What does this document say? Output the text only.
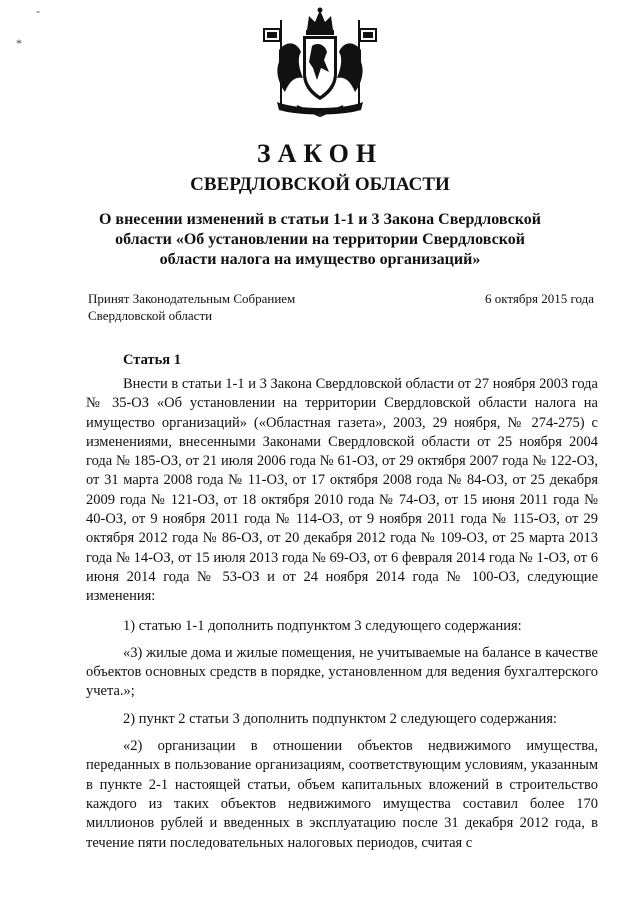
-
*
ЗАКОН
СВЕРДЛОВСКОЙ ОБЛАСТИ
О внесении изменений в статьи 1-1 и 3 Закона Свердловской области «Об установлении на территории Свердловской области налога на имущество организаций»
Принят Законодательным Собранием Свердловской области
6 октября 2015 года
Статья 1

Внести в статьи 1-1 и 3 Закона Свердловской области от 27 ноября 2003 года № 35-ОЗ «Об установлении на территории Свердловской области налога на имущество организаций» («Областная газета», 2003, 29 ноября, № 274-275) с изменениями, внесенными Законами Свердловской области от 25 ноября 2004 года № 185-ОЗ, от 21 июля 2006 года № 61-ОЗ, от 29 октября 2007 года № 122-ОЗ, от 31 марта 2008 года № 11-ОЗ, от 17 октября 2008 года № 84-ОЗ, от 25 декабря 2009 года № 121-ОЗ, от 18 октября 2010 года № 74-ОЗ, от 15 июня 2011 года № 40-ОЗ, от 9 ноября 2011 года № 114-ОЗ, от 9 ноября 2011 года № 115-ОЗ, от 29 октября 2012 года № 86-ОЗ, от 20 декабря 2012 года № 109-ОЗ, от 25 марта 2013 года № 14-ОЗ, от 15 июля 2013 года № 69-ОЗ, от 6 февраля 2014 года № 1-ОЗ, от 6 июня 2014 года № 53-ОЗ и от 24 ноября 2014 года № 100-ОЗ, следующие изменения:

1) статью 1-1 дополнить подпунктом 3 следующего содержания:

«3) жилые дома и жилые помещения, не учитываемые на балансе в качестве объектов основных средств в порядке, установленном для ведения бухгалтерского учета.»;

2) пункт 2 статьи 3 дополнить подпунктом 2 следующего содержания:

«2) организации в отношении объектов недвижимого имущества, переданных в пользование организациям, соответствующим условиям, указанным в пункте 2-1 настоящей статьи, объем капитальных вложений в строительство каждого из таких объектов недвижимого имущества составил более 170 миллионов рублей и введенных в эксплуатацию после 31 декабря 2012 года, в течение пяти последовательных налоговых периодов, считая с
